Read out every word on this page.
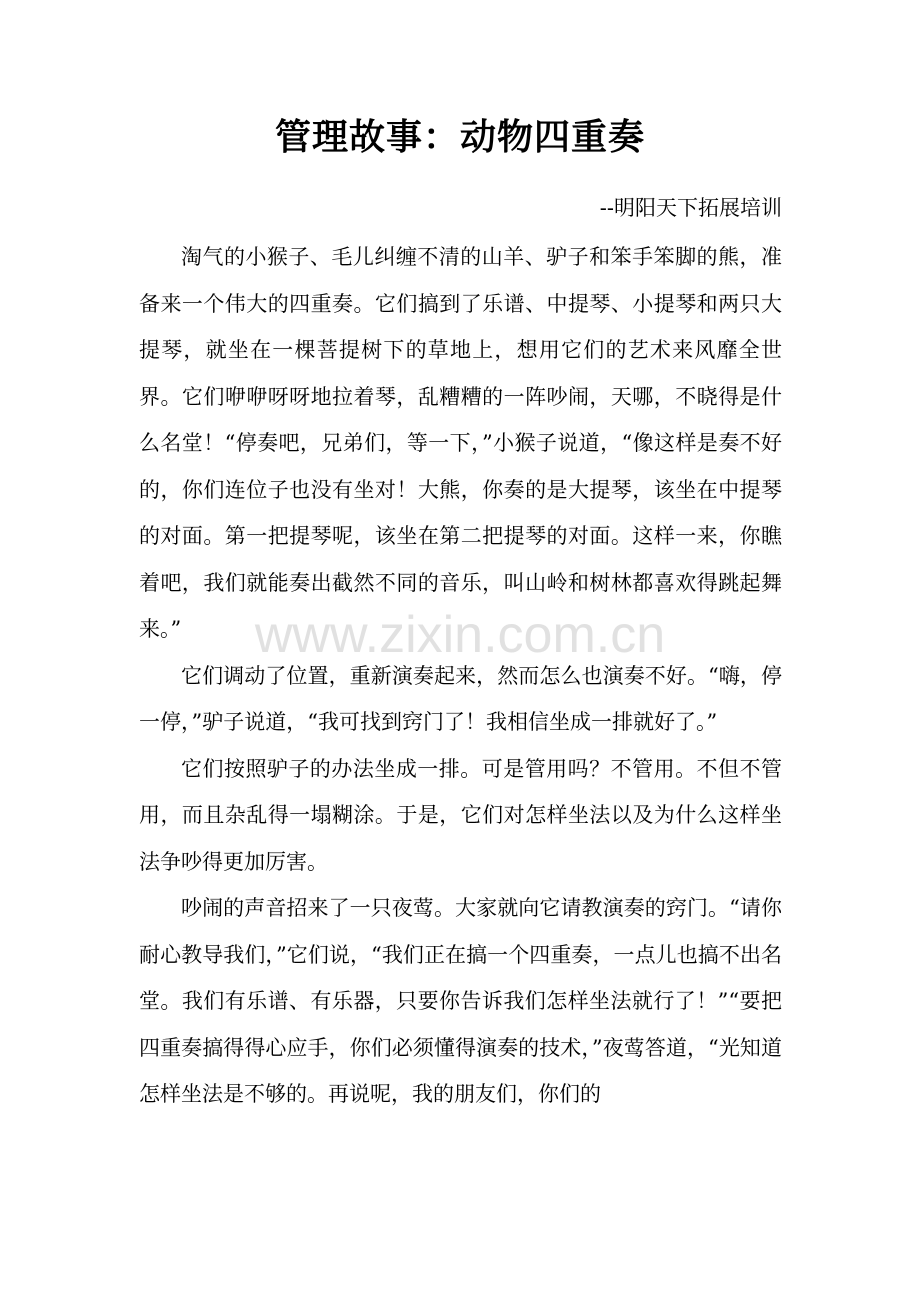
管理故事：动物四重奏
--明阳天下拓展培训

淘气的小猴子、毛儿纠缠不清的山羊、驴子和笨手笨脚的熊，准备来一个伟大的四重奏。它们搞到了乐谱、中提琴、小提琴和两只大提琴，就坐在一棵菩提树下的草地上，想用它们的艺术来风靡全世界。它们咿咿呀呀地拉着琴，乱糟糟的一阵吵闹，天哪，不晓得是什么名堂！“停奏吧，兄弟们，等一下，”小猴子说道，“像这样是奏不好的，你们连位子也没有坐对！大熊，你奏的是大提琴，该坐在中提琴的对面。第一把提琴呢，该坐在第二把提琴的对面。这样一来，你瞧着吧，我们就能奏出截然不同的音乐，叫山岭和树林都喜欢得跳起舞来。”

它们调动了位置，重新演奏起来，然而怎么也演奏不好。“嗨，停一停，”驴子说道，“我可找到窍门了！我相信坐成一排就好了。”

它们按照驴子的办法坐成一排。可是管用吗？不管用。不但不管用，而且杂乱得一塌糊涂。于是，它们对怎样坐法以及为什么这样坐法争吵得更加厉害。

吵闹的声音招来了一只夜莺。大家就向它请教演奏的窍门。“请你耐心教导我们，”它们说，“我们正在搞一个四重奏，一点儿也搞不出名堂。我们有乐谱、有乐器，只要你告诉我们怎样坐法就行了！”“要把四重奏搞得得心应手，你们必须懂得演奏的技术，”夜莺答道，“光知道怎样坐法是不够的。再说呢，我的朋友们，你们的

www.zixin.com.cn
